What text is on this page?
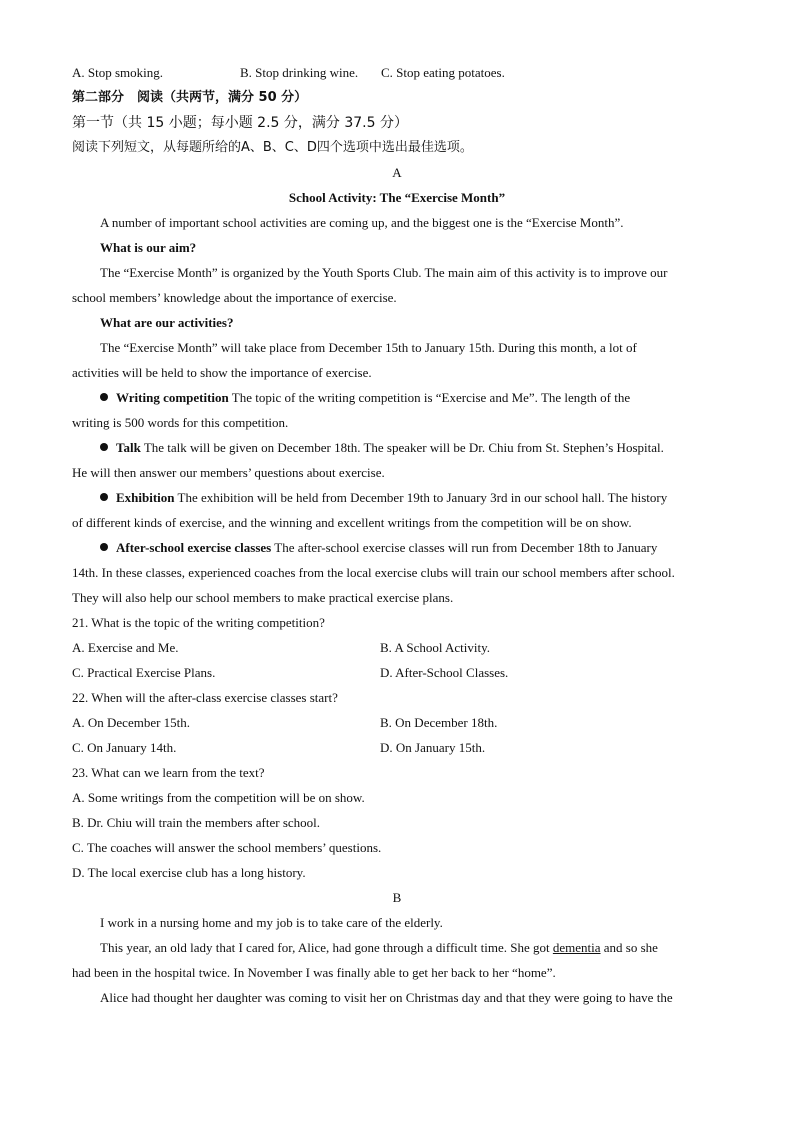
A. Stop smoking.	B. Stop drinking wine. C. Stop eating potatoes.
第二部分　阅读（共两节，满分 50 分）
第一节（共 15 小题；每小题 2.5 分，满分 37.5 分）
阅读下列短文，从每题所给的A、B、C、D四个选项中选出最佳选项。
A
School Activity: The “Exercise Month”
A number of important school activities are coming up, and the biggest one is the “Exercise Month”.
What is our aim?
The “Exercise Month” is organized by the Youth Sports Club. The main aim of this activity is to improve our
school members’ knowledge about the importance of exercise.
What are our activities?
The “Exercise Month” will take place from December 15th to January 15th. During this month, a lot of
activities will be held to show the importance of exercise.
Writing competition The topic of the writing competition is “Exercise and Me”. The length of the
writing is 500 words for this competition.
Talk The talk will be given on December 18th. The speaker will be Dr. Chiu from St. Stephen’s Hospital.
He will then answer our members’ questions about exercise.
Exhibition The exhibition will be held from December 19th to January 3rd in our school hall. The history
of different kinds of exercise, and the winning and excellent writings from the competition will be on show.
After-school exercise classes The after-school exercise classes will run from December 18th to January
14th. In these classes, experienced coaches from the local exercise clubs will train our school members after school.
They will also help our school members to make practical exercise plans.
21. What is the topic of the writing competition?
A. Exercise and Me.	B. A School Activity.
C. Practical Exercise Plans.	D. After-School Classes.
22. When will the after-class exercise classes start?
A. On December 15th.	B. On December 18th.
C. On January 14th.	D. On January 15th.
23. What can we learn from the text?
A. Some writings from the competition will be on show.
B. Dr. Chiu will train the members after school.
C. The coaches will answer the school members’ questions.
D. The local exercise club has a long history.
B
I work in a nursing home and my job is to take care of the elderly.
This year, an old lady that I cared for, Alice, had gone through a difficult time. She got dementia and so she
had been in the hospital twice. In November I was finally able to get her back to her “home”.
Alice had thought her daughter was coming to visit her on Christmas day and that they were going to have the
